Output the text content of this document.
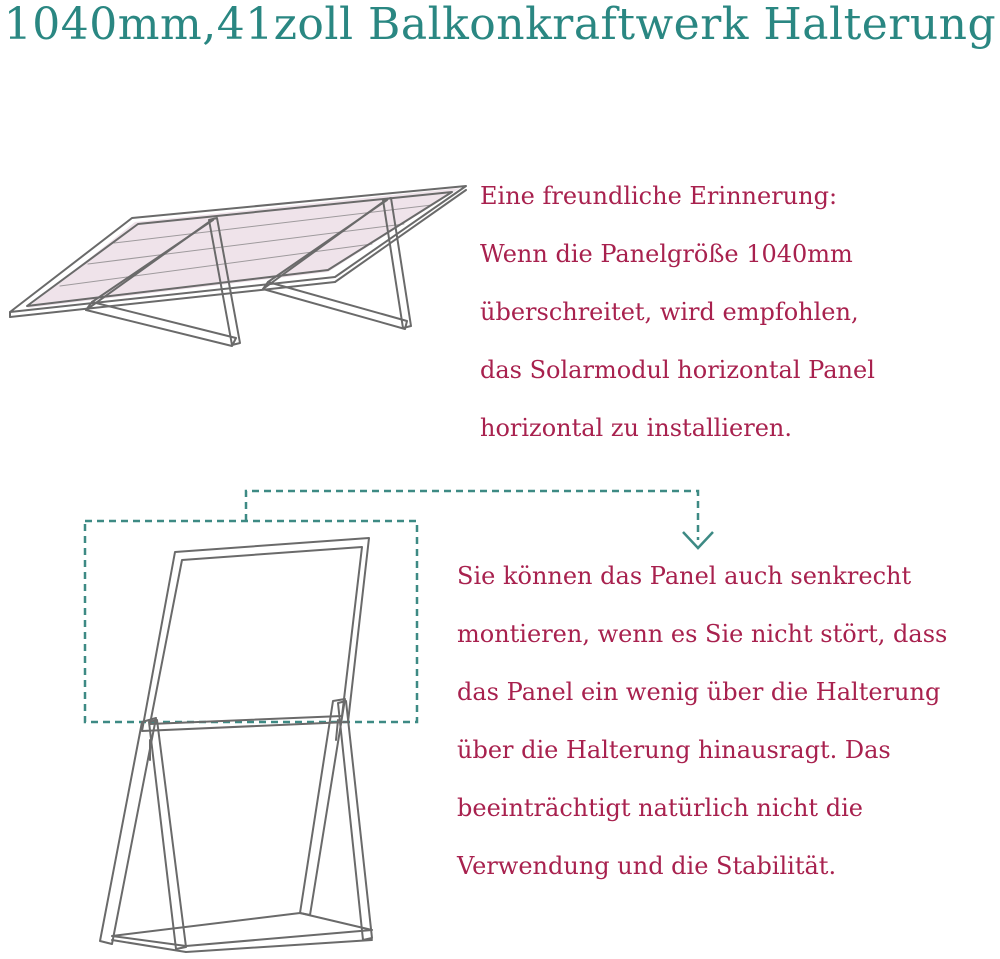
1040mm,41zoll Balkonkraftwerk Halterung
Eine freundliche Erinnerung:
Wenn die Panelgröße 1040mm
überschreitet, wird empfohlen,
das Solarmodul horizontal Panel
horizontal zu installieren.
Sie können das Panel auch senkrecht
montieren, wenn es Sie nicht stört, dass
das Panel ein wenig über die Halterung
über die Halterung hinausragt. Das
beeinträchtigt natürlich nicht die
Verwendung und die Stabilität.
